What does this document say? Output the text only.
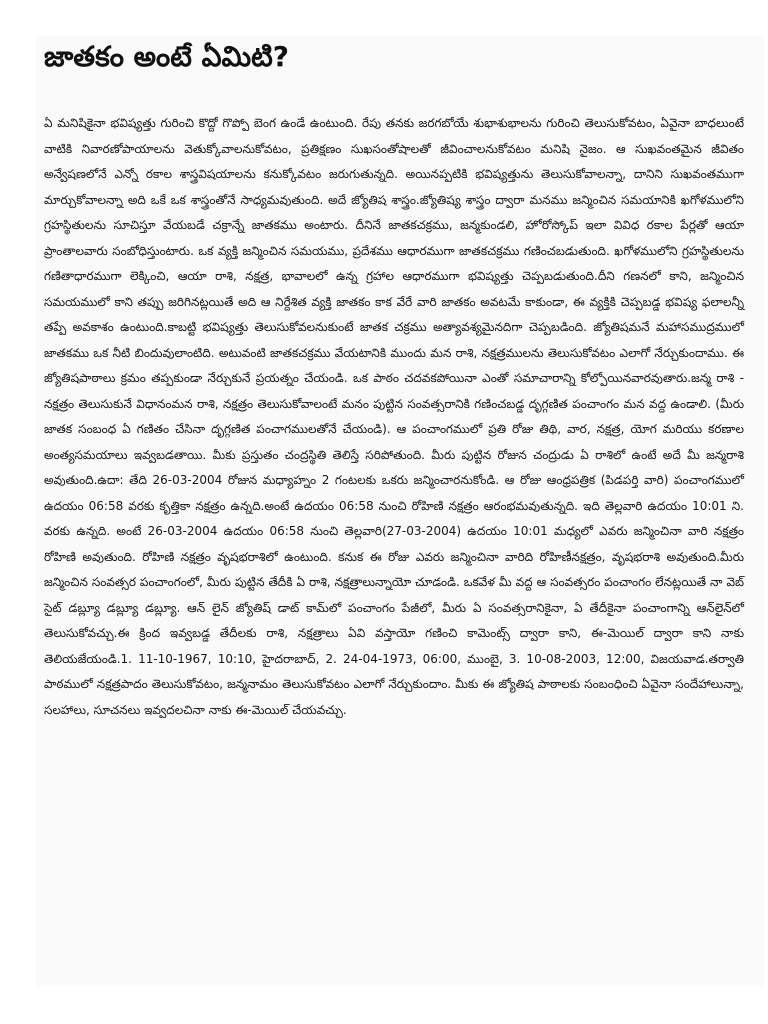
జాతకం అంటే ఏమిటి?

ఏ మనిషికైనా భవిష్యత్తు గురించి కొద్దో గొప్పో బెంగ ఉండే ఉంటుంది. రేపు తనకు జరగబోయే శుభాశుభాలను గురించి తెలుసుకోవటం, ఏవైనా బాధలుంటే వాటికి నివారణోపాయాలను వెతుక్కోవాలనుకోవటం, ప్రతిక్షణం సుఖసంతోషాలతో జీవించాలనుకోవటం మనిషి నైజం. ఆ సుఖవంతమైన జీవితం అన్వేషణలోనే ఎన్నో రకాల శాస్త్రవిషయాలను కనుక్కోవటం జరుగుతున్నది. అయినప్పటికి భవిష్యత్తును తెలుసుకోవాలన్నా, దానిని సుఖవంతముగా మార్చుకోవాలన్నా అది ఒకే ఒక శాస్త్రంతోనే సాధ్యమవుతుంది. అదే జ్యోతిష శాస్త్రం.జ్యోతిష్య శాస్త్రం ద్వారా మనము జన్మించిన సమయానికి ఖగోళములోని గ్రహస్థితులను సూచిస్తూ వేయబడే చక్రాన్నే జాతకము అంటారు. దీనినే జాతకచక్రము, జన్మకుండలి, హోరోస్కోప్ ఇలా వివిధ రకాల పేర్లతో ఆయా ప్రాంతాలవారు సంబోధిస్తుంటారు. ఒక వ్యక్తి జన్మించిన సమయము, ప్రదేశము ఆధారముగా జాతకచక్రము గణించబడుతుంది. ఖగోళములోని గ్రహస్థితులను గణితాధారముగా లెక్కించి, ఆయా రాశి, నక్షత్ర, భావాలలో ఉన్న గ్రహాల ఆధారముగా భవిష్యత్తు చెప్పబడుతుంది.దీని గణనలో కాని, జన్మించిన సమయములో కాని తప్పు జరిగినట్లయితే అది ఆ నిర్దేశిత వ్యక్తి జాతకం కాక వేరే వారి జాతకం అవటమే కాకుండా, ఈ వ్యక్తికి చెప్పబడ్డ భవిష్య ఫలాలన్నీ తప్పే అవకాశం ఉంటుంది.కాబట్టి భవిష్యత్తు తెలుసుకోవలనుకుంటే జాతక చక్రము అత్యావశ్యమైనదిగా చెప్పబడింది. జ్యోతిషమనే మహాసముద్రములో జాతకము ఒక నీటి బిందువులాంటిది. అటువంటి జాతకచక్రము వేయటానికి ముందు మన రాశి, నక్షత్రములను తెలుసుకోవటం ఎలాగో నేర్చుకుందాము. ఈ జ్యోతిషపాఠాలు క్రమం తప్పకుండా నేర్చుకునే ప్రయత్నం చేయండి. ఒక పాఠం చదవకపోయినా ఎంతో సమాచారాన్ని కోల్పోయినవారవుతారు.జన్మ రాశి - నక్షత్రం తెలుసుకునే విధానంమన రాశి, నక్షత్రం తెలుసుకోవాలంటే మనం పుట్టిన సంవత్సరానికి గణించబడ్డ దృగ్గణిత పంచాంగం మన వద్ద ఉండాలి. (మీరు జాతక సంబంధ ఏ గణితం చేసినా దృగ్గణిత పంచాగములతోనే చేయండి). ఆ పంచాంగములో ప్రతి రోజు తిథి, వార, నక్షత్ర, యోగ మరియు కరణాల అంత్యసమయాలు ఇవ్వబడతాయి. మీకు ప్రస్తుతం చంద్రస్థితి తెలిస్తే సరిపోతుంది. మీరు పుట్టిన రోజున చంద్రుడు ఏ రాశిలో ఉంటే అదే మీ జన్మరాశి అవుతుంది.ఉదా: తేది 26-03-2004 రోజున మధ్యాహ్నం 2 గంటలకు ఒకరు జన్మించారనుకోండి. ఆ రోజు ఆంధ్రపత్రిక (పిడపర్తి వారి) పంచాంగములో ఉదయం 06:58 వరకు కృత్తికా నక్షత్రం ఉన్నది.అంటే ఉదయం 06:58 నుంచి రోహిణి నక్షత్రం ఆరంభమవుతున్నది. ఇది తెల్లవారి ఉదయం 10:01 ని. వరకు ఉన్నది. అంటే 26-03-2004 ఉదయం 06:58 నుంచి తెల్లవారి(27-03-2004) ఉదయం 10:01 మధ్యలో ఎవరు జన్మించినా వారి నక్షత్రం రోహిణి అవుతుంది. రోహిణి నక్షత్రం వృషభరాశిలో ఉంటుంది. కనుక ఈ రోజు ఎవరు జన్మించినా వారిది రోహిణీనక్షత్రం, వృషభరాశి అవుతుంది.మీరు జన్మించిన సంవత్సర పంచాంగంలో, మీరు పుట్టిన తేదీకి ఏ రాశి, నక్షత్రాలున్నాయో చూడండి. ఒకవేళ మీ వద్ద ఆ సంవత్సరం పంచాంగం లేనట్లయితే నా వెబ్ సైట్ డబ్ల్యూ డబ్ల్యూ డబ్ల్యూ. ఆన్ లైన్ జ్యోతిష్ డాట్ కామ్‌లో పంచాంగం పేజీలో, మీరు ఏ సంవత్సరానికైనా, ఏ తేదీకైనా పంచాంగాన్ని ఆన్‌లైన్‌లో తెలుసుకోవచ్చు.ఈ క్రింద ఇవ్వబడ్డ తేదీలకు రాశి, నక్షత్రాలు ఏవి వస్తాయో గణించి కామెంట్స్ ద్వారా కాని, ఈ-మెయిల్ ద్వారా కాని నాకు తెలియజేయండి.1. 11-10-1967, 10:10, హైదరాబాద్, 2. 24-04-1973, 06:00, ముంబై, 3. 10-08-2003, 12:00, విజయవాడ.తర్వాతి పాఠములో నక్షత్రపాదం తెలుసుకోవటం, జన్మనామం తెలుసుకోవటం ఎలాగో నేర్చుకుందాం. మీకు ఈ జ్యోతిష పాఠాలకు సంబంధించి ఏవైనా సందేహాలున్నా, సలహాలు, సూచనలు ఇవ్వదలచినా నాకు ఈ-మెయిల్ చేయవచ్చు.
